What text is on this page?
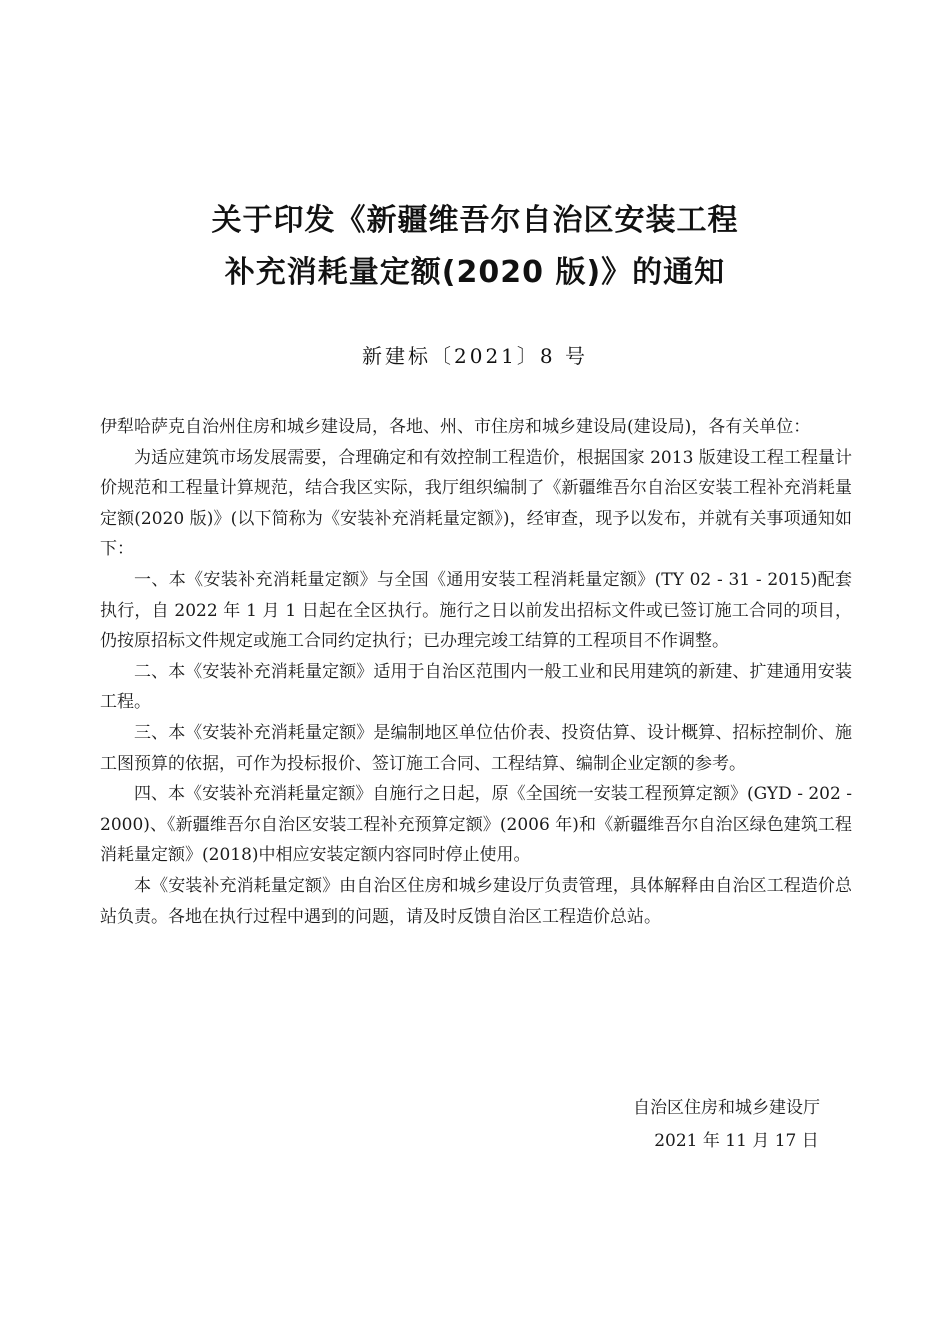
关于印发《新疆维吾尔自治区安装工程
补充消耗量定额(2020 版)》的通知
新建标〔2021〕8 号

伊犁哈萨克自治州住房和城乡建设局，各地、州、市住房和城乡建设局(建设局)，各有关单位：

为适应建筑市场发展需要，合理确定和有效控制工程造价，根据国家 2013 版建设工程工程量计价规范和工程量计算规范，结合我区实际，我厅组织编制了《新疆维吾尔自治区安装工程补充消耗量定额(2020 版)》(以下简称为《安装补充消耗量定额》)，经审查，现予以发布，并就有关事项通知如下：

一、本《安装补充消耗量定额》与全国《通用安装工程消耗量定额》(TY 02 - 31 - 2015)配套执行，自 2022 年 1 月 1 日起在全区执行。施行之日以前发出招标文件或已签订施工合同的项目，仍按原招标文件规定或施工合同约定执行；已办理完竣工结算的工程项目不作调整。

二、本《安装补充消耗量定额》适用于自治区范围内一般工业和民用建筑的新建、扩建通用安装工程。

三、本《安装补充消耗量定额》是编制地区单位估价表、投资估算、设计概算、招标控制价、施工图预算的依据，可作为投标报价、签订施工合同、工程结算、编制企业定额的参考。

四、本《安装补充消耗量定额》自施行之日起，原《全国统一安装工程预算定额》(GYD - 202 - 2000)、《新疆维吾尔自治区安装工程补充预算定额》(2006 年)和《新疆维吾尔自治区绿色建筑工程消耗量定额》(2018)中相应安装定额内容同时停止使用。

本《安装补充消耗量定额》由自治区住房和城乡建设厅负责管理，具体解释由自治区工程造价总站负责。各地在执行过程中遇到的问题，请及时反馈自治区工程造价总站。

自治区住房和城乡建设厅
2021 年 11 月 17 日
